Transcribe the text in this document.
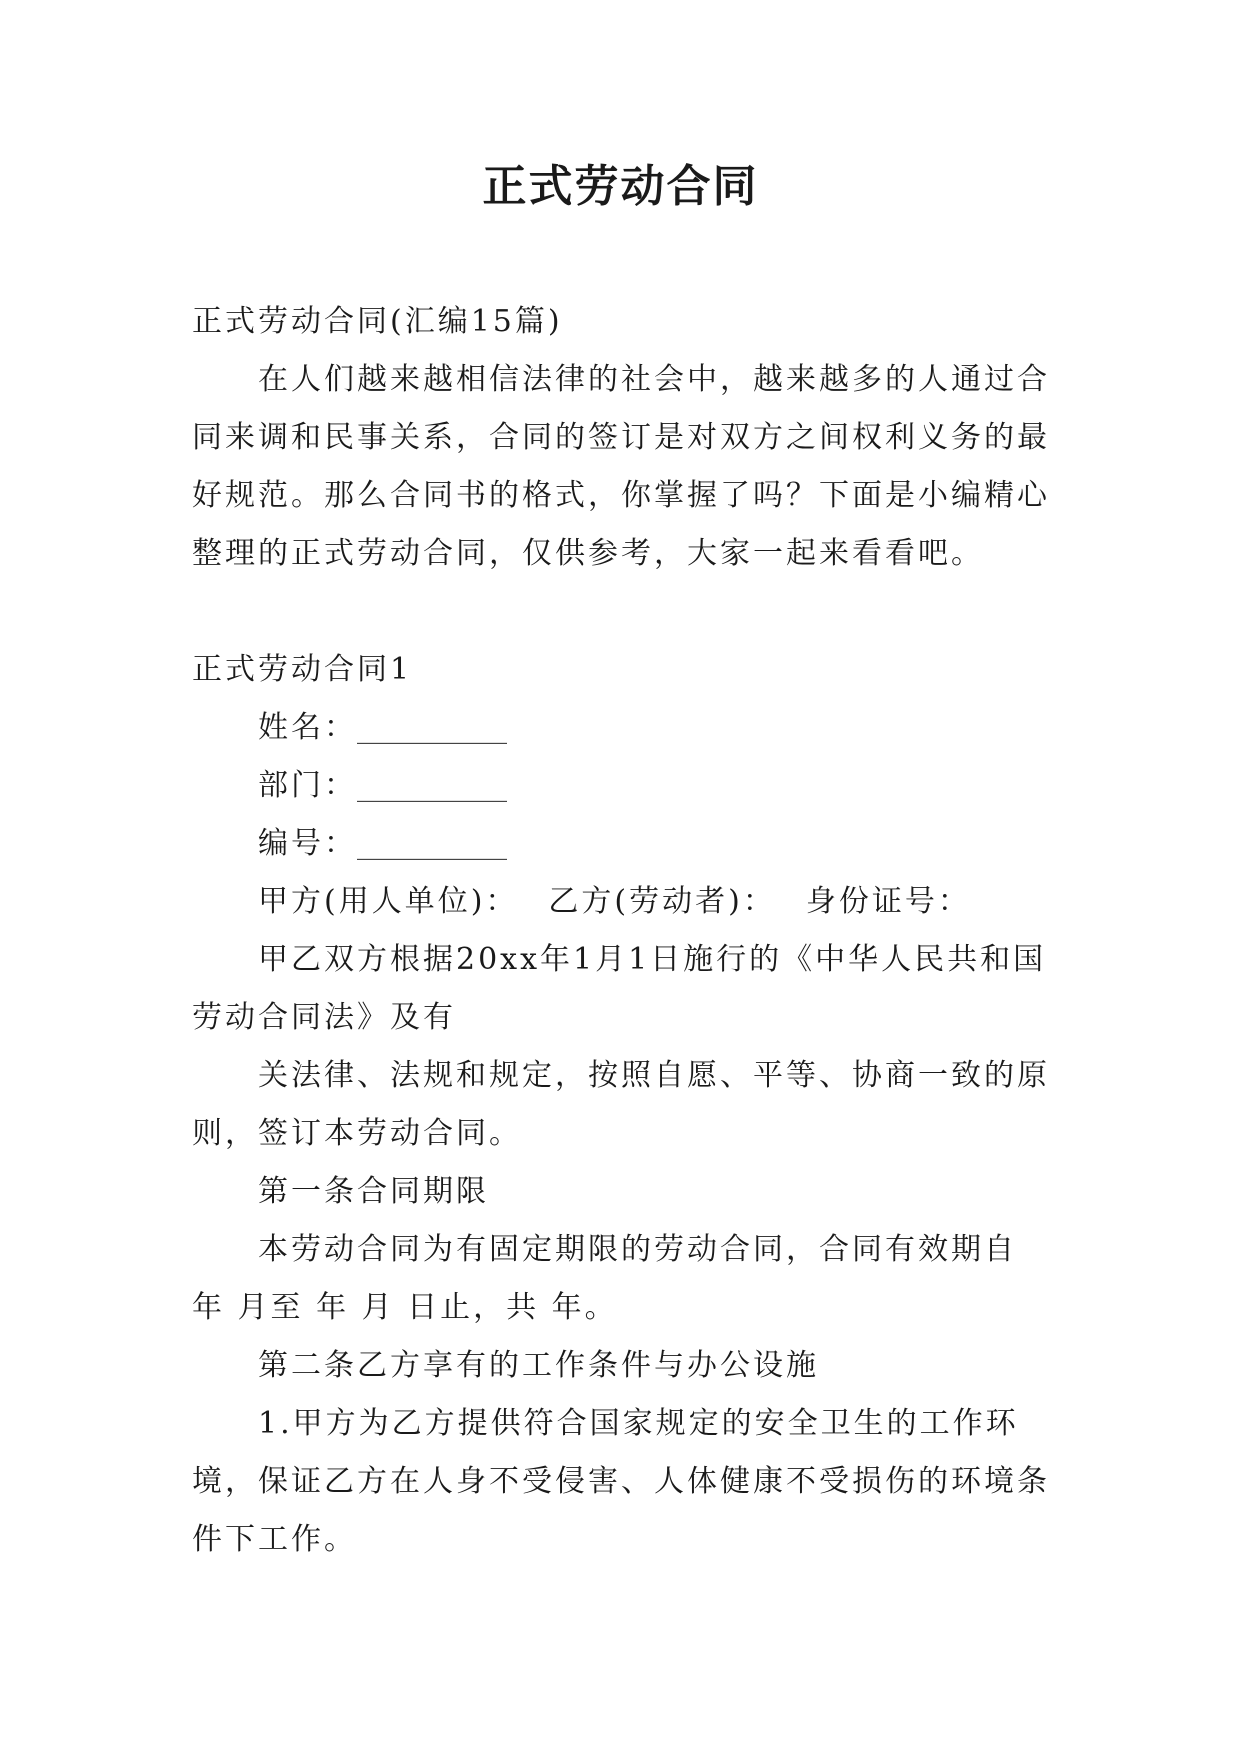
正式劳动合同

正式劳动合同(汇编15篇)

在人们越来越相信法律的社会中，越来越多的人通过合同来调和民事关系，合同的签订是对双方之间权利义务的最好规范。那么合同书的格式，你掌握了吗？下面是小编精心整理的正式劳动合同，仅供参考，大家一起来看看吧。

正式劳动合同1

姓名：__________

部门：__________

编号：__________

甲方(用人单位)： 乙方(劳动者)： 身份证号：

甲乙双方根据20xx年1月1日施行的《中华人民共和国劳动合同法》及有

关法律、法规和规定，按照自愿、平等、协商一致的原则，签订本劳动合同。

第一条合同期限

本劳动合同为有固定期限的劳动合同，合同有效期自 年 月至 年 月 日止，共 年。

第二条乙方享有的工作条件与办公设施

1.甲方为乙方提供符合国家规定的安全卫生的工作环境，保证乙方在人身不受侵害、人体健康不受损伤的环境条件下工作。
